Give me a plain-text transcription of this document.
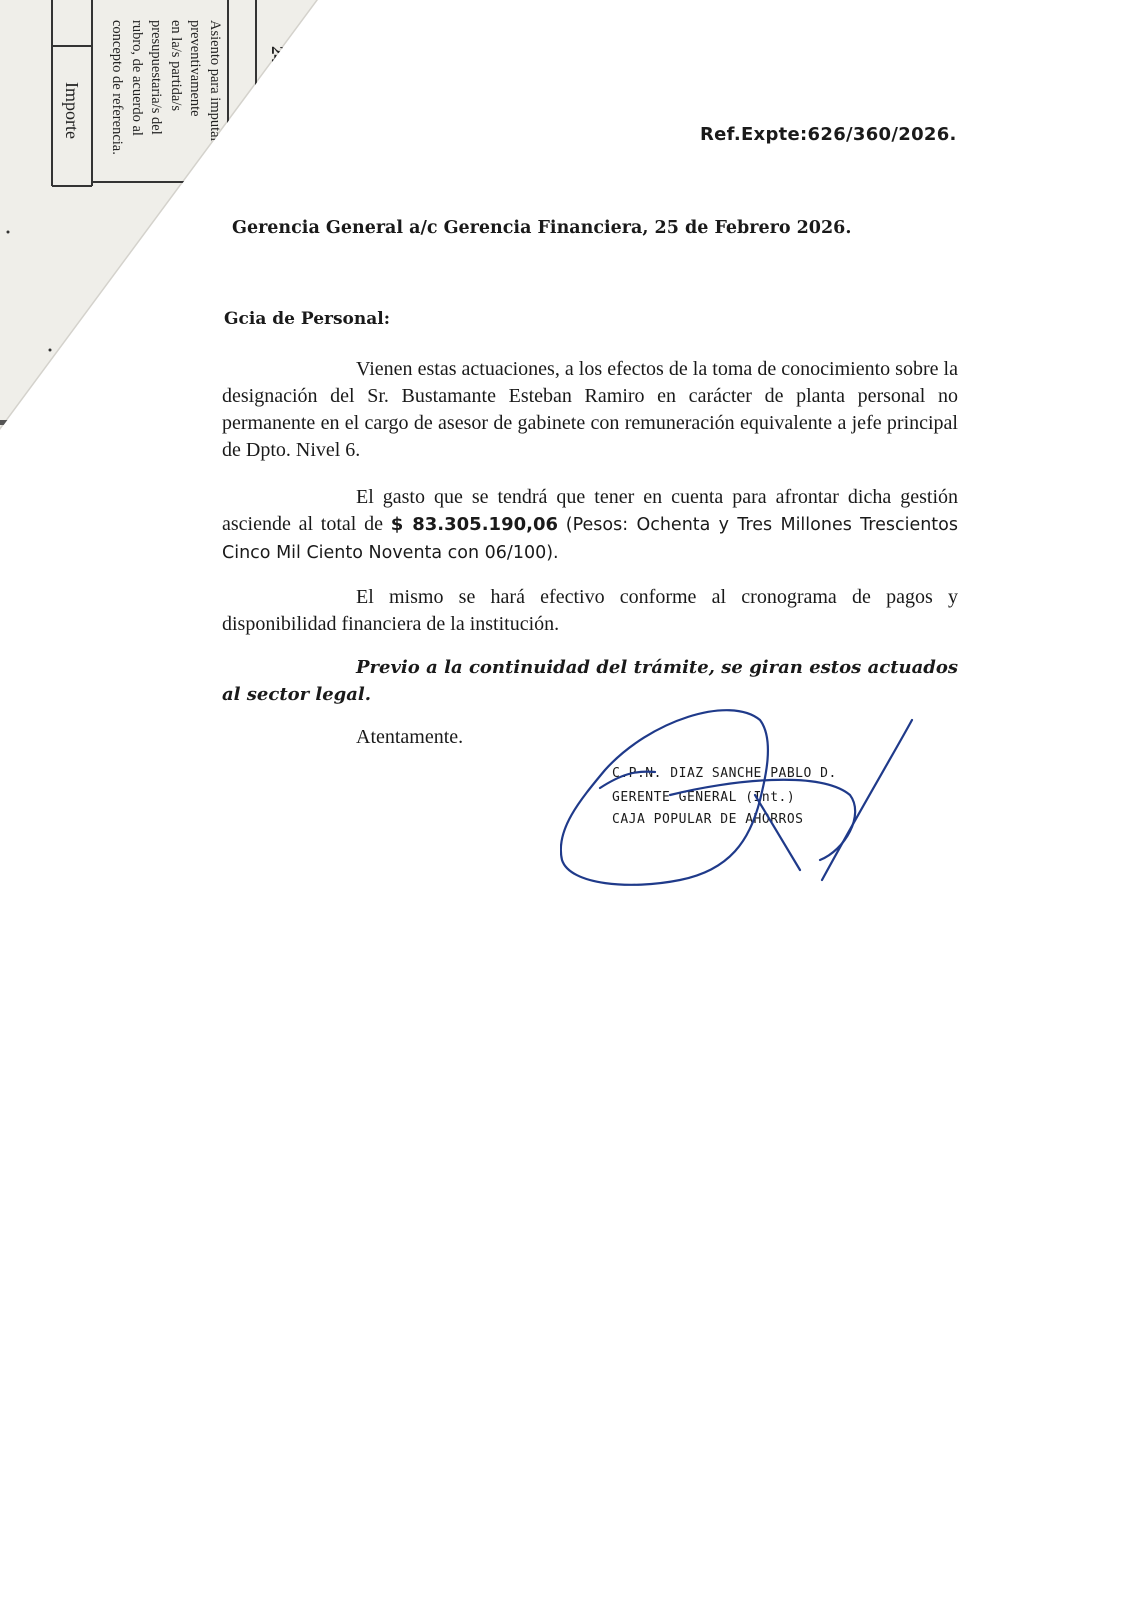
Importe	Asiento para imputar
preventivamente
en la/s partida/s
presupuestaria/s del
rubro, de acuerdo al
concepto de referencia.	Ref.Expte:626/360/2026.
Gerencia General a/c Gerencia Financiera, 25 de Febrero 2026.
Gcia de Personal:

Vienen estas actuaciones, a los efectos de la toma de conocimiento sobre la designación del Sr. Bustamante Esteban Ramiro en carácter de planta personal no permanente en el cargo de asesor de gabinete con remuneración equivalente a jefe principal de Dpto. Nivel 6.

El gasto que se tendrá que tener en cuenta para afrontar dicha gestión asciende al total de $ 83.305.190,06 (Pesos: Ochenta y Tres Millones Trescientos Cinco Mil Ciento Noventa con 06/100).

El mismo se hará efectivo conforme al cronograma de pagos y disponibilidad financiera de la institución.

Previo a la continuidad del trámite, se giran estos actuados al sector legal.

Atentamente.
C.P.N. DIAZ SANCHE PABLO D.
GERENTE GENERAL (Int.)
CAJA POPULAR DE AHORROS
